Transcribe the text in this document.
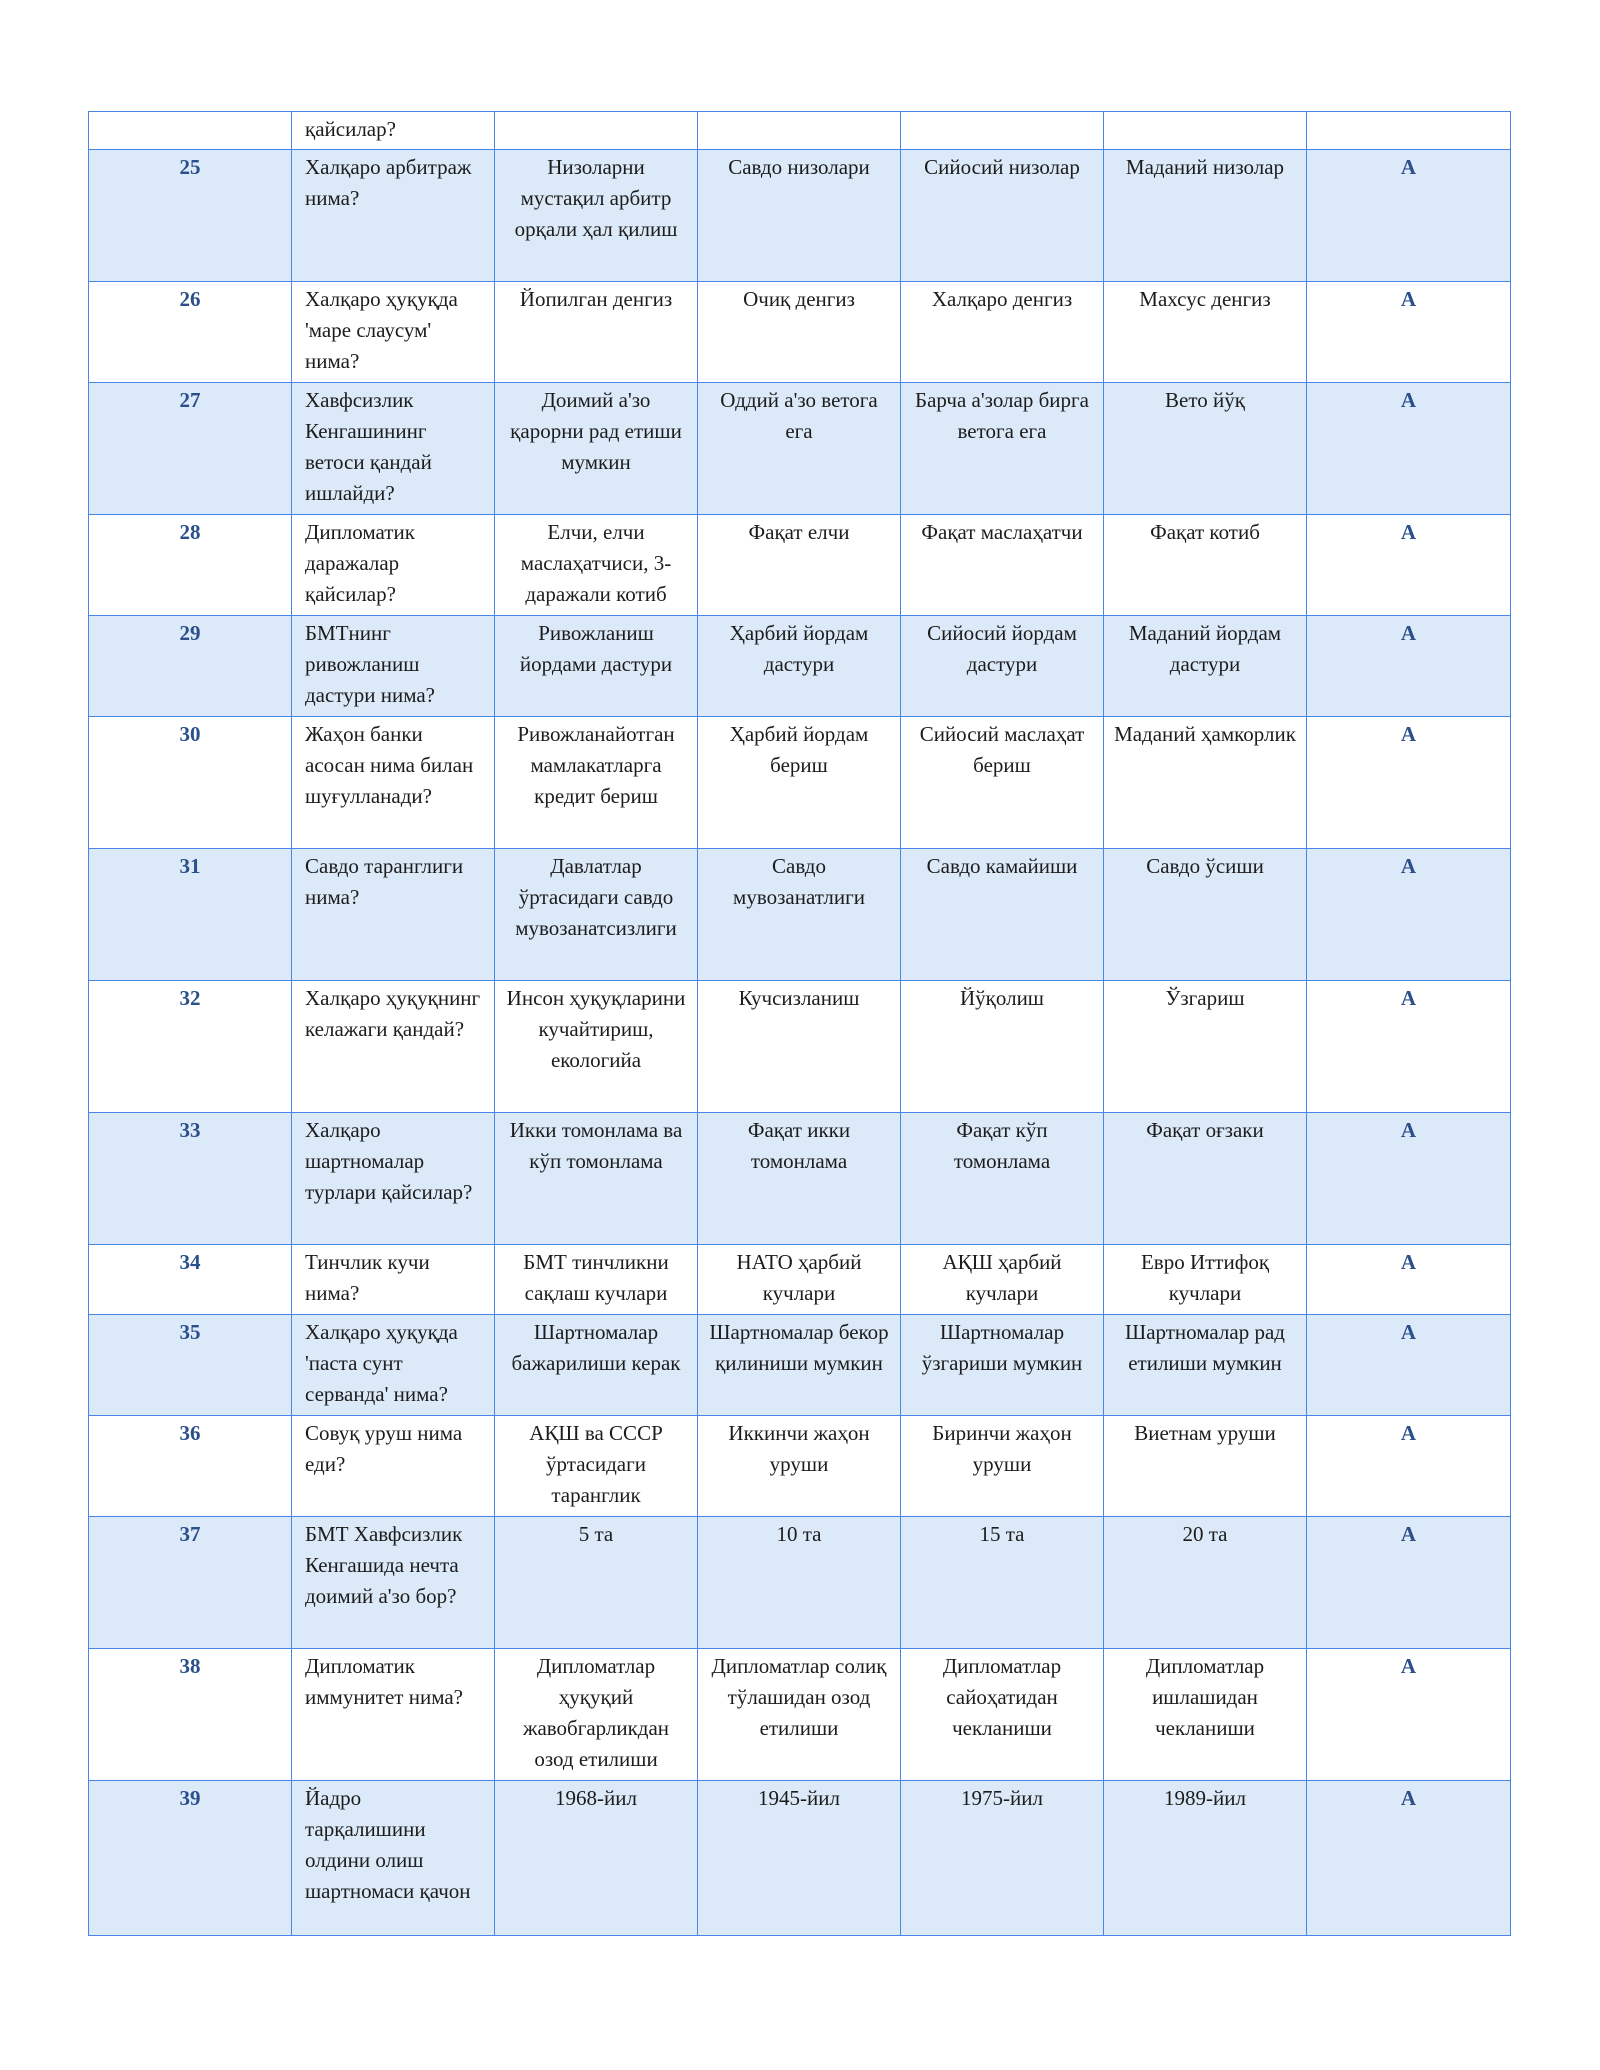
	қайсилар?					
25	Халқаро арбитраж нима?	Низоларни мустақил арбитр орқали ҳал қилиш	Савдо низолари	Сийосий низолар	Маданий низолар	A
26	Халқаро ҳуқуқда 'маре слаусум' нима?	Йопилган денгиз	Очиқ денгиз	Халқаро денгиз	Махсус денгиз	A
27	Хавфсизлик Кенгашининг ветоси қандай ишлайди?	Доимий а'зо қарорни рад етиши мумкин	Оддий а'зо ветога ега	Барча а'золар бирга ветога ега	Вето йўқ	A
28	Дипломатик даражалар қайсилар?	Елчи, елчи маслаҳатчиси, 3-даражали котиб	Фақат елчи	Фақат маслаҳатчи	Фақат котиб	A
29	БМТнинг ривожланиш дастури нима?	Ривожланиш йордами дастури	Ҳарбий йордам дастури	Сийосий йордам дастури	Маданий йордам дастури	A
30	Жаҳон банки асосан нима билан шуғулланади?	Ривожланайотган мамлакатларга кредит бериш	Ҳарбий йордам бериш	Сийосий маслаҳат бериш	Маданий ҳамкорлик	A
31	Савдо таранглиги нима?	Давлатлар ўртасидаги савдо мувозанатсизлиги	Савдо мувозанатлиги	Савдо камайиши	Савдо ўсиши	A
32	Халқаро ҳуқуқнинг келажаги қандай?	Инсон ҳуқуқларини кучайтириш, екологийа	Кучсизланиш	Йўқолиш	Ўзгариш	A
33	Халқаро шартномалар турлари қайсилар?	Икки томонлама ва кўп томонлама	Фақат икки томонлама	Фақат кўп томонлама	Фақат оғзаки	A
34	Тинчлик кучи нима?	БМТ тинчликни сақлаш кучлари	НАТО ҳарбий кучлари	АҚШ ҳарбий кучлари	Евро Иттифоқ кучлари	A
35	Халқаро ҳуқуқда 'паста сунт серванда' нима?	Шартномалар бажарилиши керак	Шартномалар бекор қилиниши мумкин	Шартномалар ўзгариши мумкин	Шартномалар рад етилиши мумкин	A
36	Совуқ уруш нима еди?	АҚШ ва СССР ўртасидаги таранглик	Иккинчи жаҳон уруши	Биринчи жаҳон уруши	Виетнам уруши	A
37	БМТ Хавфсизлик Кенгашида нечта доимий а'зо бор?	5 та	10 та	15 та	20 та	A
38	Дипломатик иммунитет нима?	Дипломатлар ҳуқуқий жавобгарликдан озод етилиши	Дипломатлар солиқ тўлашидан озод етилиши	Дипломатлар сайоҳатидан чекланиши	Дипломатлар ишлашидан чекланиши	A
39	Йадро тарқалишини олдини олиш шартномаси қачон	1968-йил	1945-йил	1975-йил	1989-йил	A
